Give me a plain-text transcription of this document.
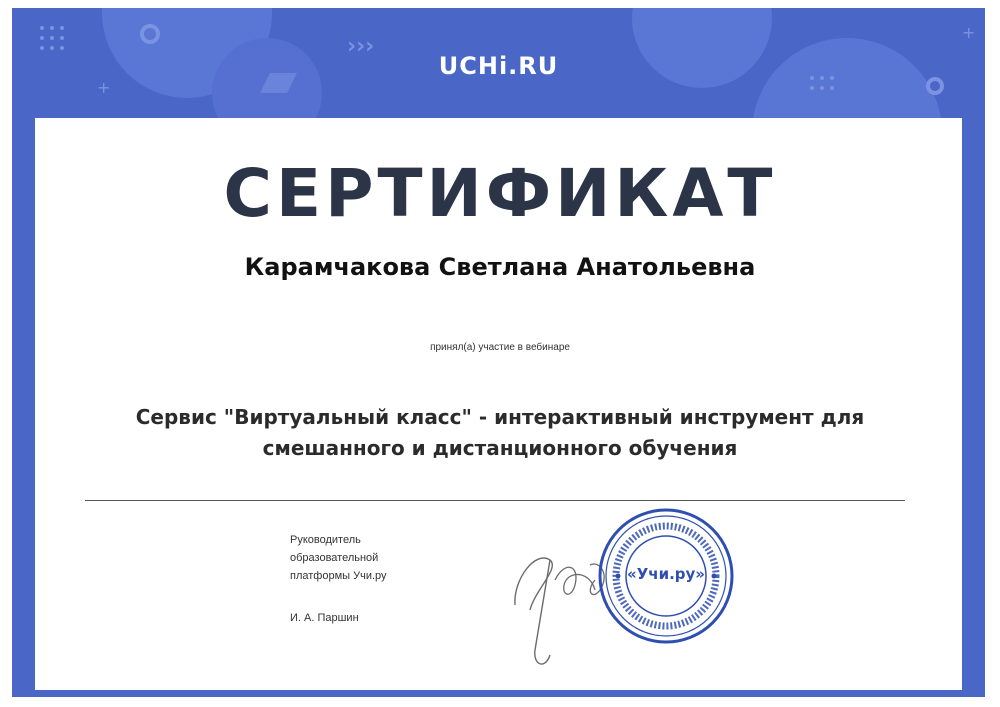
›››
+
+
UCHi.RU
СЕРТИФИКАТ
Карамчакова Светлана Анатольевна
принял(а) участие в вебинаре
Сервис "Виртуальный класс" - интерактивный инструмент для
смешанного и дистанционного обучения
Руководитель
образовательной
платформы Учи.ру
И. А. Паршин
«Учи.ру»
